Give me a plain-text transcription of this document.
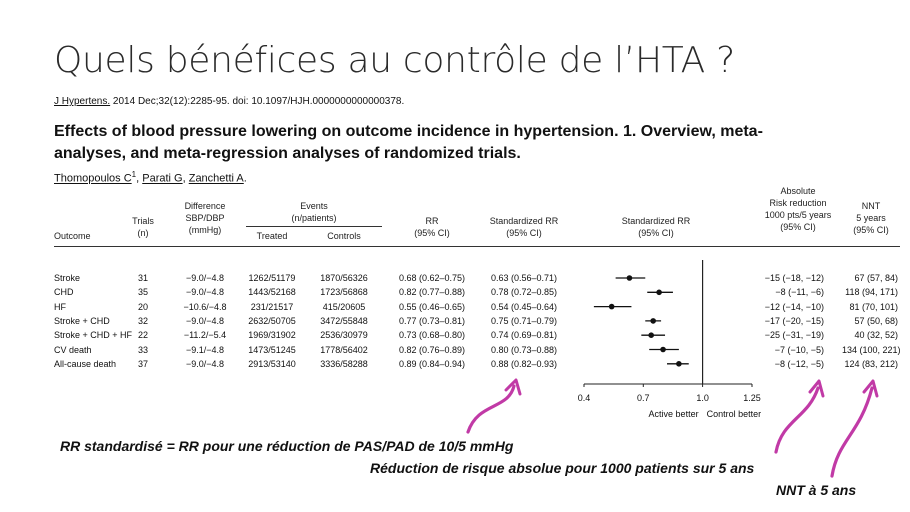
Quels bénéfices au contrôle de l’HTA ?
J Hypertens. 2014 Dec;32(12):2285-95. doi: 10.1097/HJH.0000000000000378.
Effects of blood pressure lowering on outcome incidence in hypertension. 1. Overview, meta-analyses, and meta-regression analyses of randomized trials.
Thomopoulos $C^1$, Parati G, Zanchetti A.
Outcome
Trials
(n)
Difference
SBP/DBP
(mmHg)
Events
(n/patients)
Treated	Controls
RR
(95% CI)
Standardized RR
(95% CI)
Standardized RR
(95% CI)
Absolute
Risk reduction
1000 pts/5 years
(95% CI)
NNT
5 years
(95% CI)
Stroke	31	−9.0/−4.8	1262/51179	1870/56326	0.68 (0.62–0.75)	0.63 (0.56–0.71)	−15 (−18, −12)	67 (57, 84)
CHD	35	−9.0/−4.8	1443/52168	1723/56868	0.82 (0.77–0.88)	0.78 (0.72–0.85)	−8 (−11, −6)	118 (94, 171)
HF	20	−10.6/−4.8	231/21517	415/20605	0.55 (0.46–0.65)	0.54 (0.45–0.64)	−12 (−14, −10)	81 (70, 101)
Stroke + CHD	32	−9.0/−4.8	2632/50705	3472/55848	0.77 (0.73–0.81)	0.75 (0.71–0.79)	−17 (−20, −15)	57 (50, 68)
Stroke + CHD + HF 22	−11.2/−5.4	1969/31902	2536/30979	0.73 (0.68–0.80)	0.74 (0.69–0.81)	−25 (−31, −19)	40 (32, 52)
CV death	33	−9.1/−4.8	1473/51245	1778/56402	0.82 (0.76–0.89)	0.80 (0.73–0.88)	−7 (−10, −5) 134 (100, 221)
All-cause death	37	−9.0/−4.8	2913/53140	3336/58288	0.89 (0.84–0.94)	0.88 (0.82–0.93)	−8 (−12, −5) 124 (83, 212)
0.4	0.7	1.0	1.25
Active better Control better
RR standardisé = RR pour une réduction de PAS/PAD de 10/5 mmHg
Réduction de risque absolue pour 1000 patients sur 5 ans
NNT à 5 ans
